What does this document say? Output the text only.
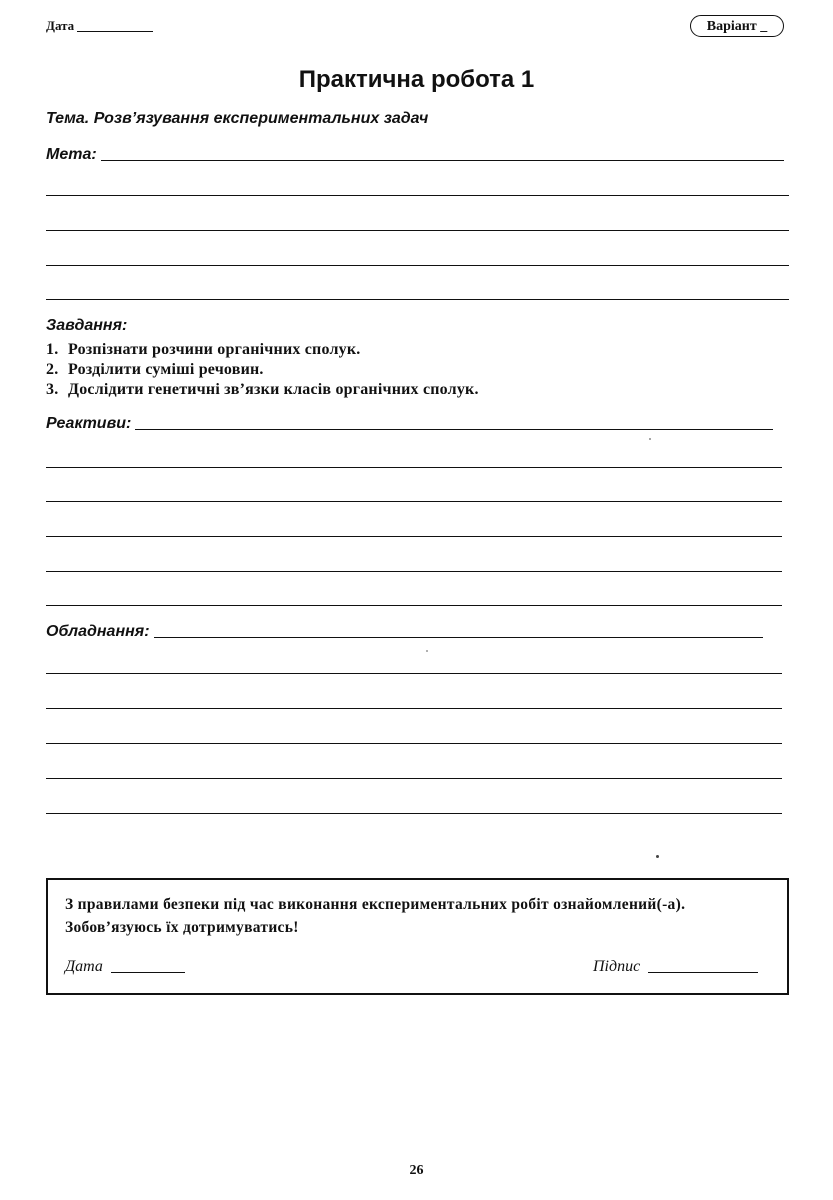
Дата	Варіант _
Практична робота 1
Тема. Розв’язування експериментальних задач
Мета:
Завдання:
1. Розпізнати розчини органічних сполук.
2. Розділити суміші речовин.
3. Дослідити генетичні зв’язки класів органічних сполук.
Реактиви:
Обладнання:
З правилами безпеки під час виконання експериментальних робіт ознайомлений(-а). Зобов’язуюсь їх дотримуватись!
Дата	Підпис
26
